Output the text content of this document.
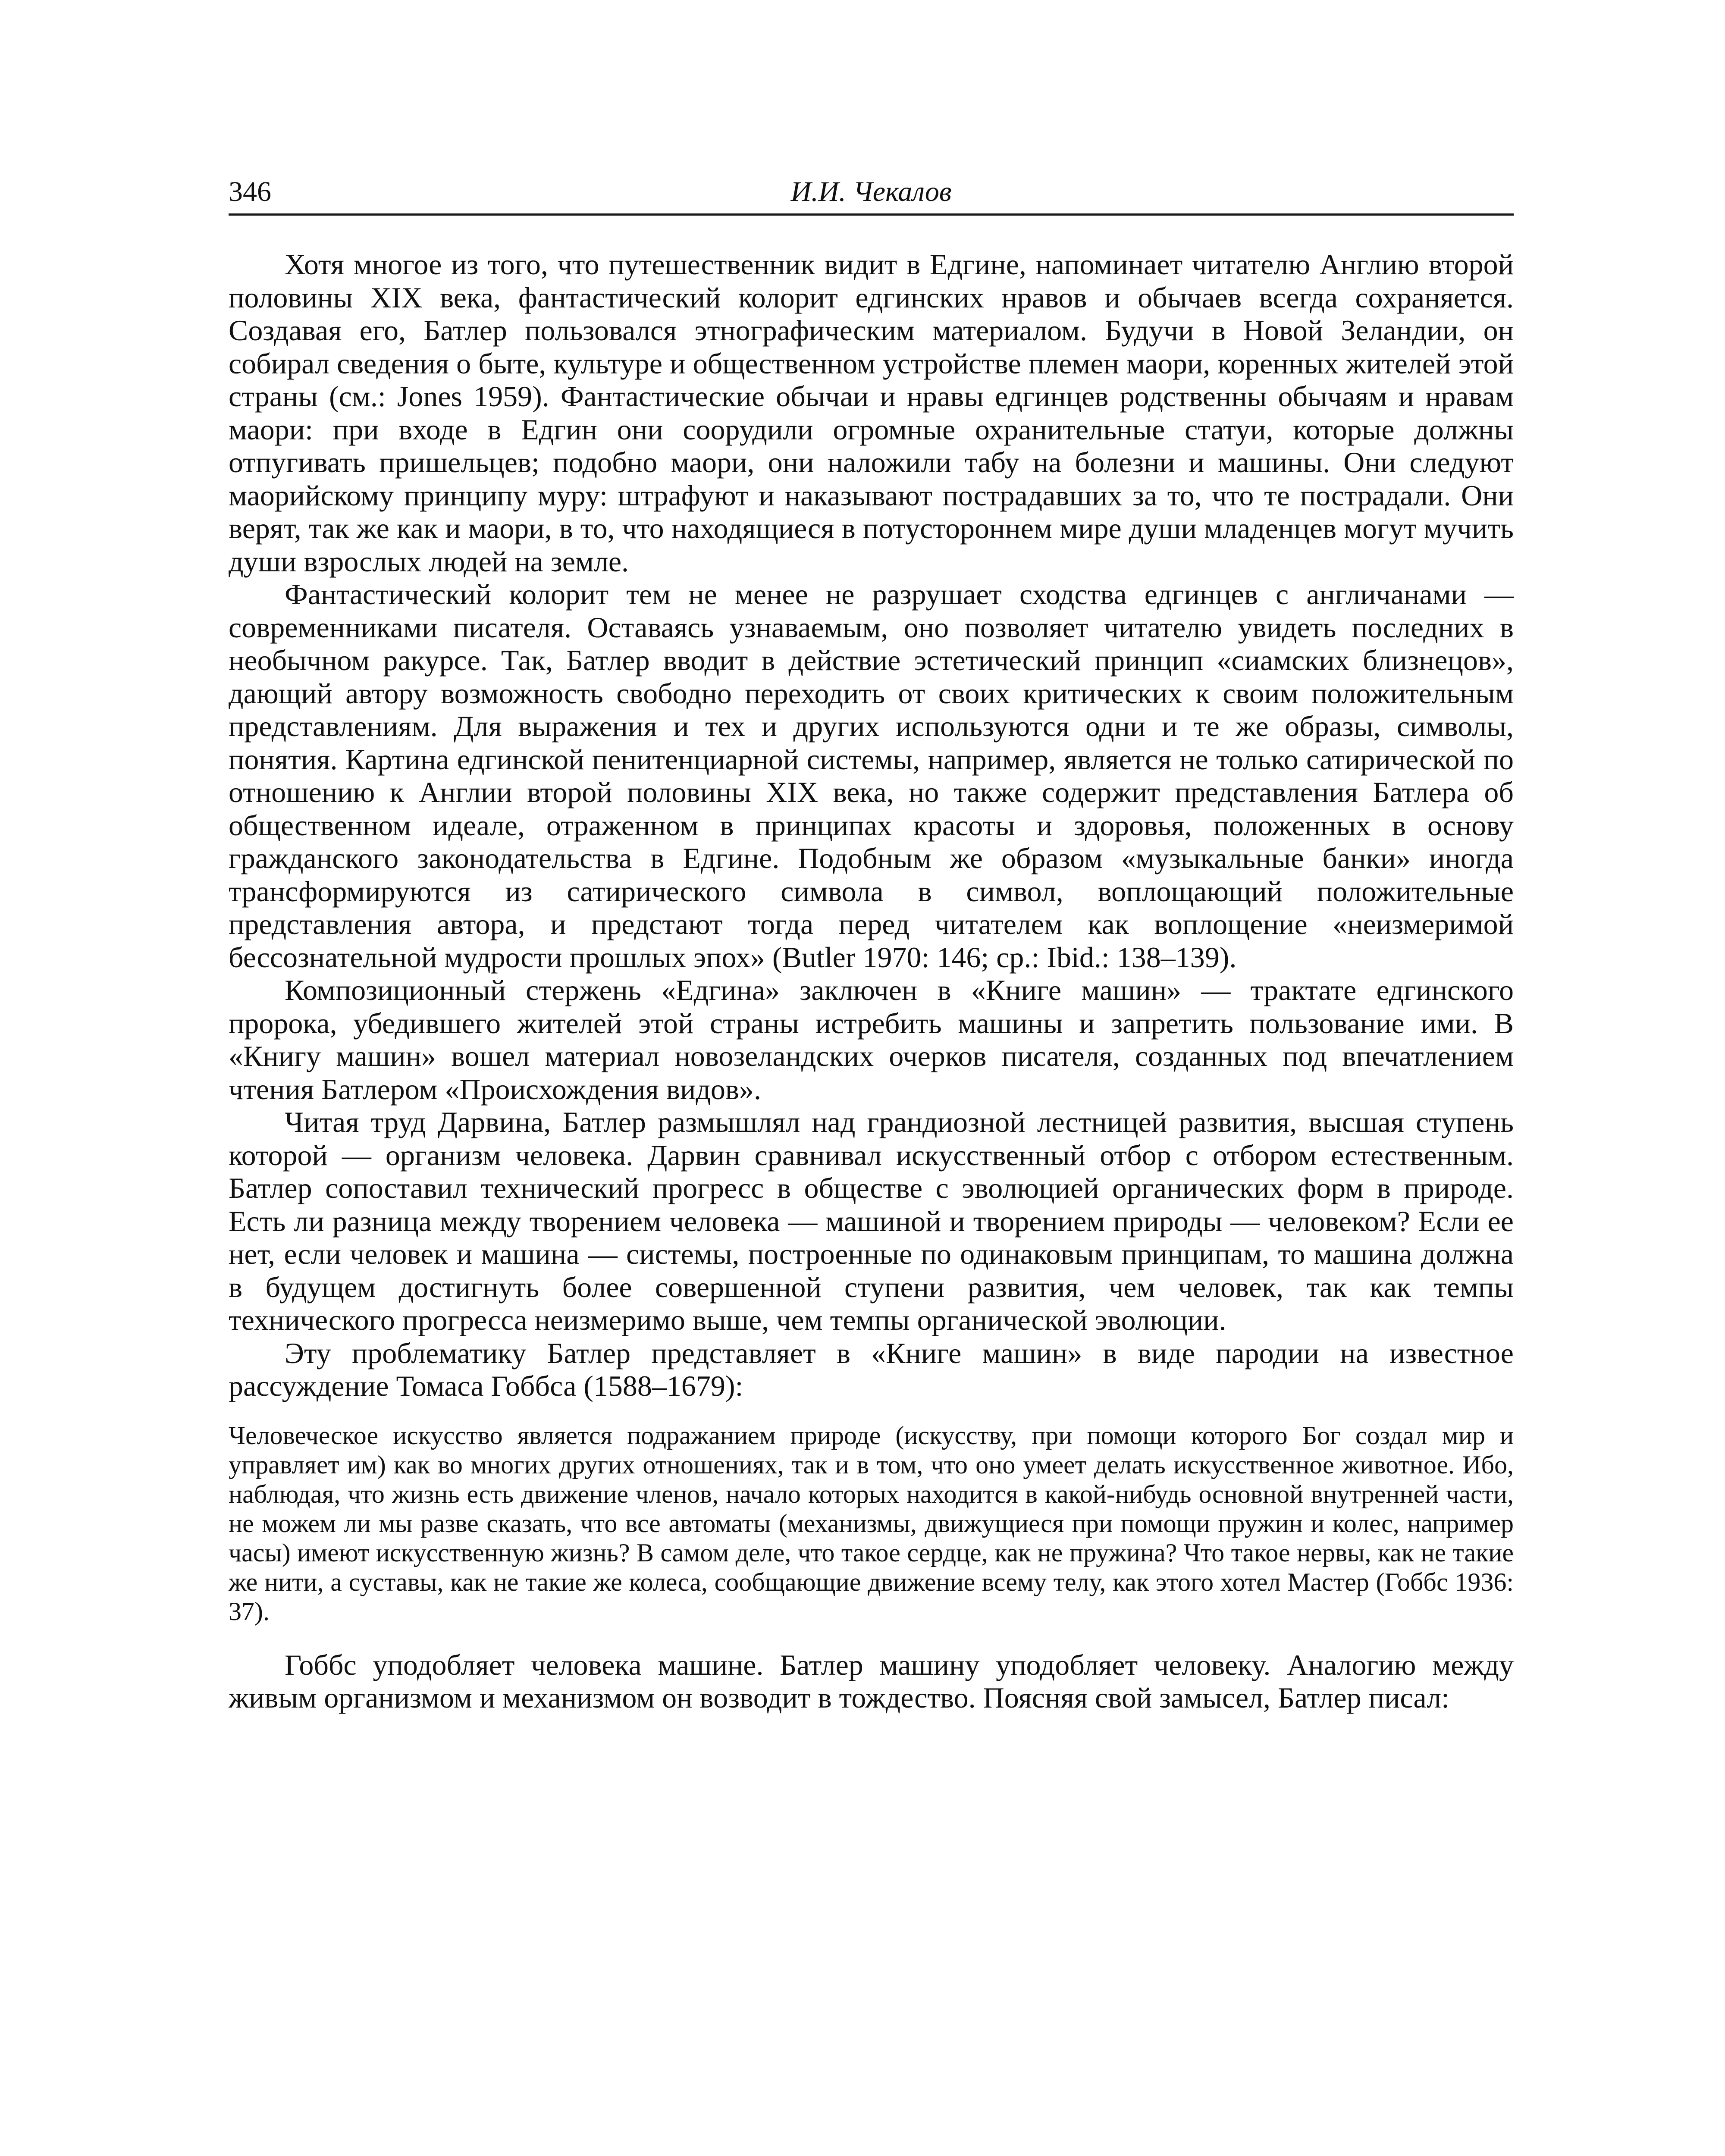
346	И.И. Чекалов

Хотя многое из того, что путешественник видит в Едгине, напоминает читателю Англию второй половины XIX века, фантастический колорит едгинских нравов и обычаев всегда сохраняется. Создавая его, Батлер пользовался этнографическим материалом. Будучи в Новой Зеландии, он собирал сведения о быте, культуре и общественном устройстве племен маори, коренных жителей этой страны (см.: Jones 1959). Фантастические обычаи и нравы едгинцев родственны обычаям и нравам маори: при входе в Едгин они соорудили огромные охранительные статуи, которые должны отпугивать пришельцев; подобно маори, они наложили табу на болезни и машины. Они следуют маорийскому принципу муру: штрафуют и наказывают пострадавших за то, что те пострадали. Они верят, так же как и маори, в то, что находящиеся в потустороннем мире души младенцев могут мучить души взрослых людей на земле.

Фантастический колорит тем не менее не разрушает сходства едгинцев с англичанами — современниками писателя. Оставаясь узнаваемым, оно позволяет читателю увидеть последних в необычном ракурсе. Так, Батлер вводит в действие эстетический принцип «сиамских близнецов», дающий автору возможность свободно переходить от своих критических к своим положительным представлениям. Для выражения и тех и других используются одни и те же образы, символы, понятия. Картина едгинской пенитенциарной системы, например, является не только сатирической по отношению к Англии второй половины XIX века, но также содержит представления Батлера об общественном идеале, отраженном в принципах красоты и здоровья, положенных в основу гражданского законодательства в Едгине. Подобным же образом «музыкальные банки» иногда трансформируются из сатирического символа в символ, воплощающий положительные представления автора, и предстают тогда перед читателем как воплощение «неизмеримой бессознательной мудрости прошлых эпох» (Butler 1970: 146; ср.: Ibid.: 138–139).

Композиционный стержень «Едгина» заключен в «Книге машин» — трактате едгинского пророка, убедившего жителей этой страны истребить машины и запретить пользование ими. В «Книгу машин» вошел материал новозеландских очерков писателя, созданных под впечатлением чтения Батлером «Происхождения видов».

Читая труд Дарвина, Батлер размышлял над грандиозной лестницей развития, высшая ступень которой — организм человека. Дарвин сравнивал искусственный отбор с отбором естественным. Батлер сопоставил технический прогресс в обществе с эволюцией органических форм в природе. Есть ли разница между творением человека — машиной и творением природы — человеком? Если ее нет, если человек и машина — системы, построенные по одинаковым принципам, то машина должна в будущем достигнуть более совершенной ступени развития, чем человек, так как темпы технического прогресса неизмеримо выше, чем темпы органической эволюции.

Эту проблематику Батлер представляет в «Книге машин» в виде пародии на известное рассуждение Томаса Гоббса (1588–1679):

Человеческое искусство является подражанием природе (искусству, при помощи которого Бог создал мир и управляет им) как во многих других отношениях, так и в том, что оно умеет делать искусственное животное. Ибо, наблюдая, что жизнь есть движение членов, начало которых находится в какой-нибудь основной внутренней части, не можем ли мы разве сказать, что все автоматы (механизмы, движущиеся при помощи пружин и колес, например часы) имеют искусственную жизнь? В самом деле, что такое сердце, как не пружина? Что такое нервы, как не такие же нити, а суставы, как не такие же колеса, сообщающие движение всему телу, как этого хотел Мастер (Гоббс 1936: 37).

Гоббс уподобляет человека машине. Батлер машину уподобляет человеку. Аналогию между живым организмом и механизмом он возводит в тождество. Поясняя свой замысел, Батлер писал:
